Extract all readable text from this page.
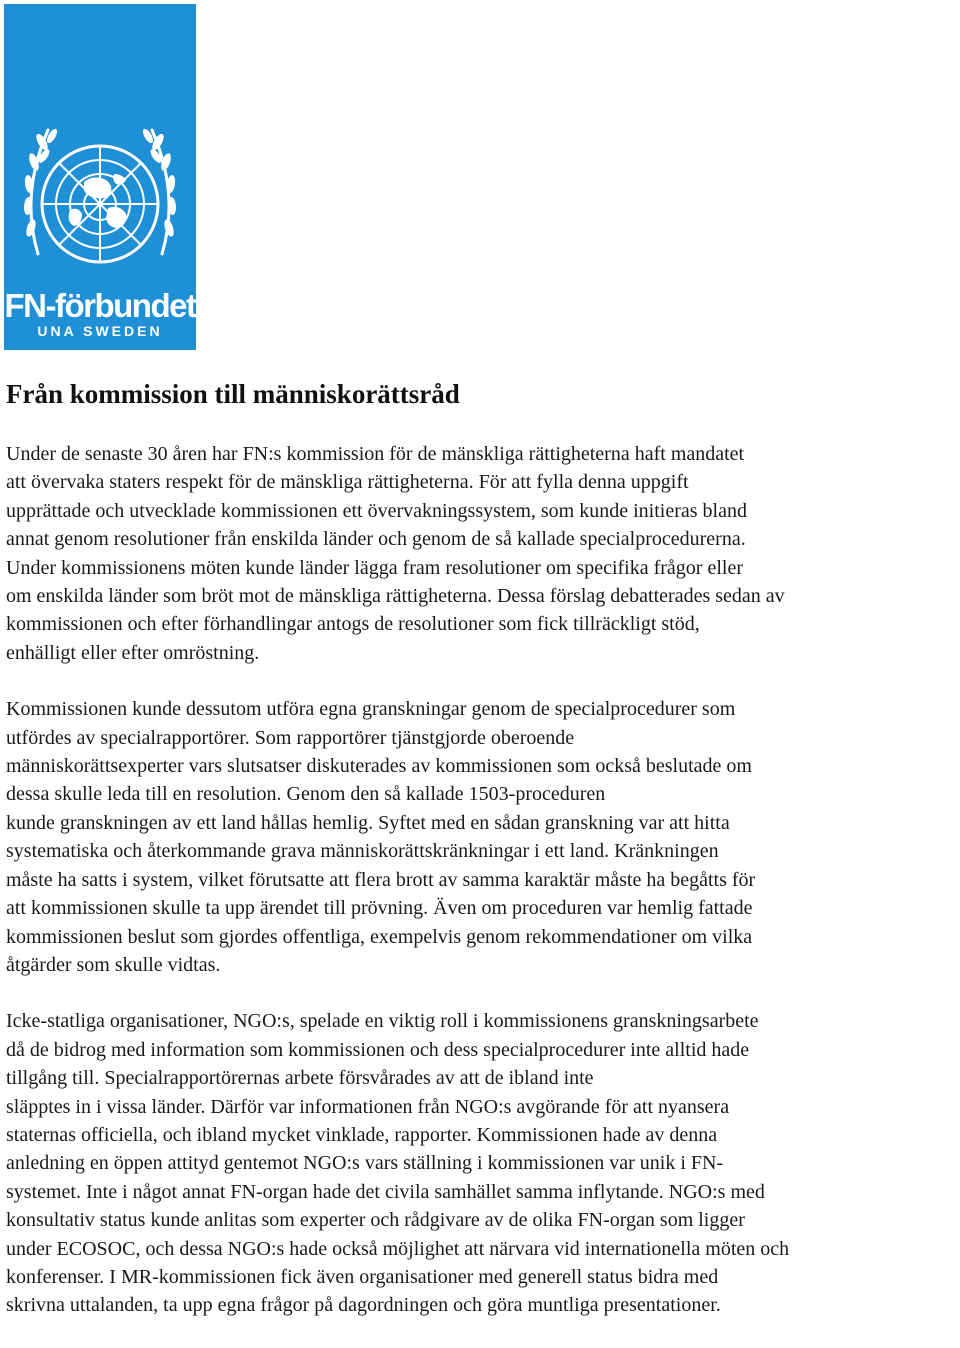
FN-förbundet
UNA SWEDEN
Från kommission till människorättsråd

Under de senaste 30 åren har FN:s kommission för de mänskliga rättigheterna haft mandatet
att övervaka staters respekt för de mänskliga rättigheterna. För att fylla denna uppgift
upprättade och utvecklade kommissionen ett övervakningssystem, som kunde initieras bland
annat genom resolutioner från enskilda länder och genom de så kallade specialprocedurerna.
Under kommissionens möten kunde länder lägga fram resolutioner om specifika frågor eller
om enskilda länder som bröt mot de mänskliga rättigheterna. Dessa förslag debatterades sedan av
kommissionen och efter förhandlingar antogs de resolutioner som fick tillräckligt stöd,
enhälligt eller efter omröstning.

Kommissionen kunde dessutom utföra egna granskningar genom de specialprocedurer som
utfördes av specialrapportörer. Som rapportörer tjänstgjorde oberoende
människorättsexperter vars slutsatser diskuterades av kommissionen som också beslutade om
dessa skulle leda till en resolution. Genom den så kallade 1503-proceduren
kunde granskningen av ett land hållas hemlig. Syftet med en sådan granskning var att hitta
systematiska och återkommande grava människorättskränkningar i ett land. Kränkningen
måste ha satts i system, vilket förutsatte att flera brott av samma karaktär måste ha begåtts för
att kommissionen skulle ta upp ärendet till prövning. Även om proceduren var hemlig fattade
kommissionen beslut som gjordes offentliga, exempelvis genom rekommendationer om vilka
åtgärder som skulle vidtas.

Icke-statliga organisationer, NGO:s, spelade en viktig roll i kommissionens granskningsarbete
då de bidrog med information som kommissionen och dess specialprocedurer inte alltid hade
tillgång till. Specialrapportörernas arbete försvårades av att de ibland inte
släpptes in i vissa länder. Därför var informationen från NGO:s avgörande för att nyansera
staternas officiella, och ibland mycket vinklade, rapporter. Kommissionen hade av denna
anledning en öppen attityd gentemot NGO:s vars ställning i kommissionen var unik i FN-
systemet. Inte i något annat FN-organ hade det civila samhället samma inflytande. NGO:s med
konsultativ status kunde anlitas som experter och rådgivare av de olika FN-organ som ligger
under ECOSOC, och dessa NGO:s hade också möjlighet att närvara vid internationella möten och
konferenser. I MR-kommissionen fick även organisationer med generell status bidra med
skrivna uttalanden, ta upp egna frågor på dagordningen och göra muntliga presentationer.
